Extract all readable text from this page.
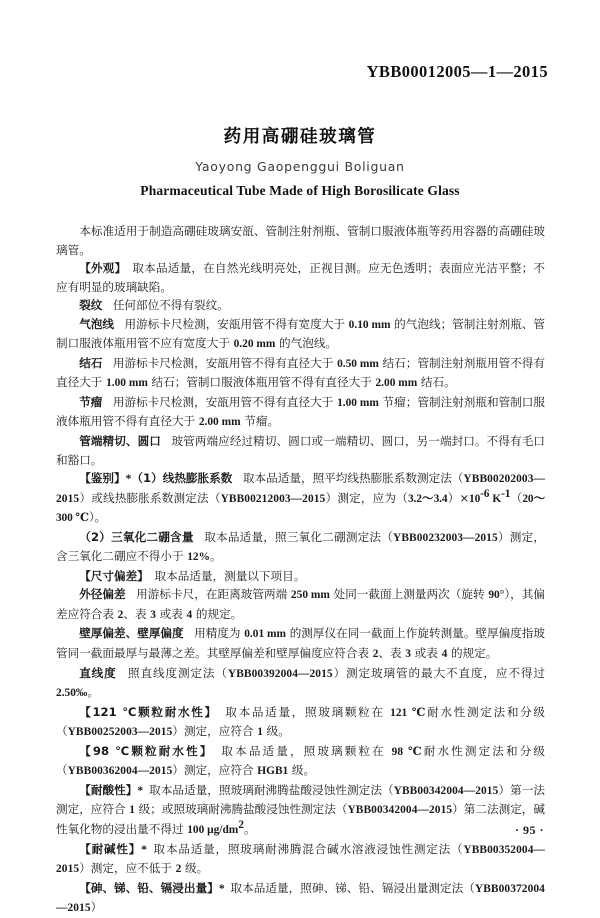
YBB00012005—1—2015
药用高硼硅玻璃管
Yaoyong Gaopenggui Boliguan
Pharmaceutical Tube Made of High Borosilicate Glass

本标准适用于制造高硼硅玻璃安瓿、管制注射剂瓶、管制口服液体瓶等药用容器的高硼硅玻璃管。

【外观】 取本品适量，在自然光线明亮处，正视目测。应无色透明；表面应光洁平整；不应有明显的玻璃缺陷。

裂纹 任何部位不得有裂纹。

气泡线 用游标卡尺检测，安瓿用管不得有宽度大于 0.10 mm 的气泡线；管制注射剂瓶、管制口服液体瓶用管不应有宽度大于 0.20 mm 的气泡线。

结石 用游标卡尺检测，安瓿用管不得有直径大于 0.50 mm 结石；管制注射剂瓶用管不得有直径大于 1.00 mm 结石；管制口服液体瓶用管不得有直径大于 2.00 mm 结石。

节瘤 用游标卡尺检测，安瓿用管不得有直径大于 1.00 mm 节瘤；管制注射剂瓶和管制口服液体瓶用管不得有直径大于 2.00 mm 节瘤。

管端精切、圆口 玻管两端应经过精切、圆口或一端精切、圆口，另一端封口。不得有毛口和豁口。

【鉴别】*（1）线热膨胀系数 取本品适量，照平均线热膨胀系数测定法（YBB00202003—2015）或线热膨胀系数测定法（YBB00212003—2015）测定，应为$(3.2\sim 3.4)\times 10^{-6}$ $K^{-1}(20\sim 300$ ℃）。

（2）三氧化二硼含量 取本品适量，照三氧化二硼测定法（YBB00232003—2015）测定，含三氧化二硼应不得小于 12%。

【尺寸偏差】 取本品适量，测量以下项目。

外径偏差 用游标卡尺，在距离玻管两端 250 mm 处同一截面上测量两次（旋转 90°），其偏差应符合表 2、表 3 或表 4 的规定。

壁厚偏差、壁厚偏度 用精度为 0.01 mm 的测厚仪在同一截面上作旋转测量。壁厚偏度指玻管同一截面最厚与最薄之差。其壁厚偏差和壁厚偏度应符合表 2、表 3 或表 4 的规定。

直线度 照直线度测定法（YBB00392004—2015）测定玻璃管的最大不直度，应不得过 2.50‰。

【121 ℃颗粒耐水性】 取本品适量，照玻璃颗粒在 121 ℃耐水性测定法和分级（YBB00252003—2015）测定，应符合 1 级。

【98 ℃颗粒耐水性】 取本品适量，照玻璃颗粒在 98 ℃耐水性测定法和分级（YBB00362004—2015）测定，应符合 HGB1 级。

【耐酸性】* 取本品适量，照玻璃耐沸腾盐酸浸蚀性测定法（YBB00342004—2015）第一法测定，应符合 1 级；或照玻璃耐沸腾盐酸浸蚀性测定法（YBB00342004—2015）第二法测定，碱性氧化物的浸出量不得过 100 $\mu g/dm^2$。

【耐碱性】* 取本品适量，照玻璃耐沸腾混合碱水溶液浸蚀性测定法（YBB00352004—2015）测定，应不低于 2 级。

【砷、锑、铅、镉浸出量】* 取本品适量，照砷、锑、铅、镉浸出量测定法（YBB00372004—2015）

· 95 ·
